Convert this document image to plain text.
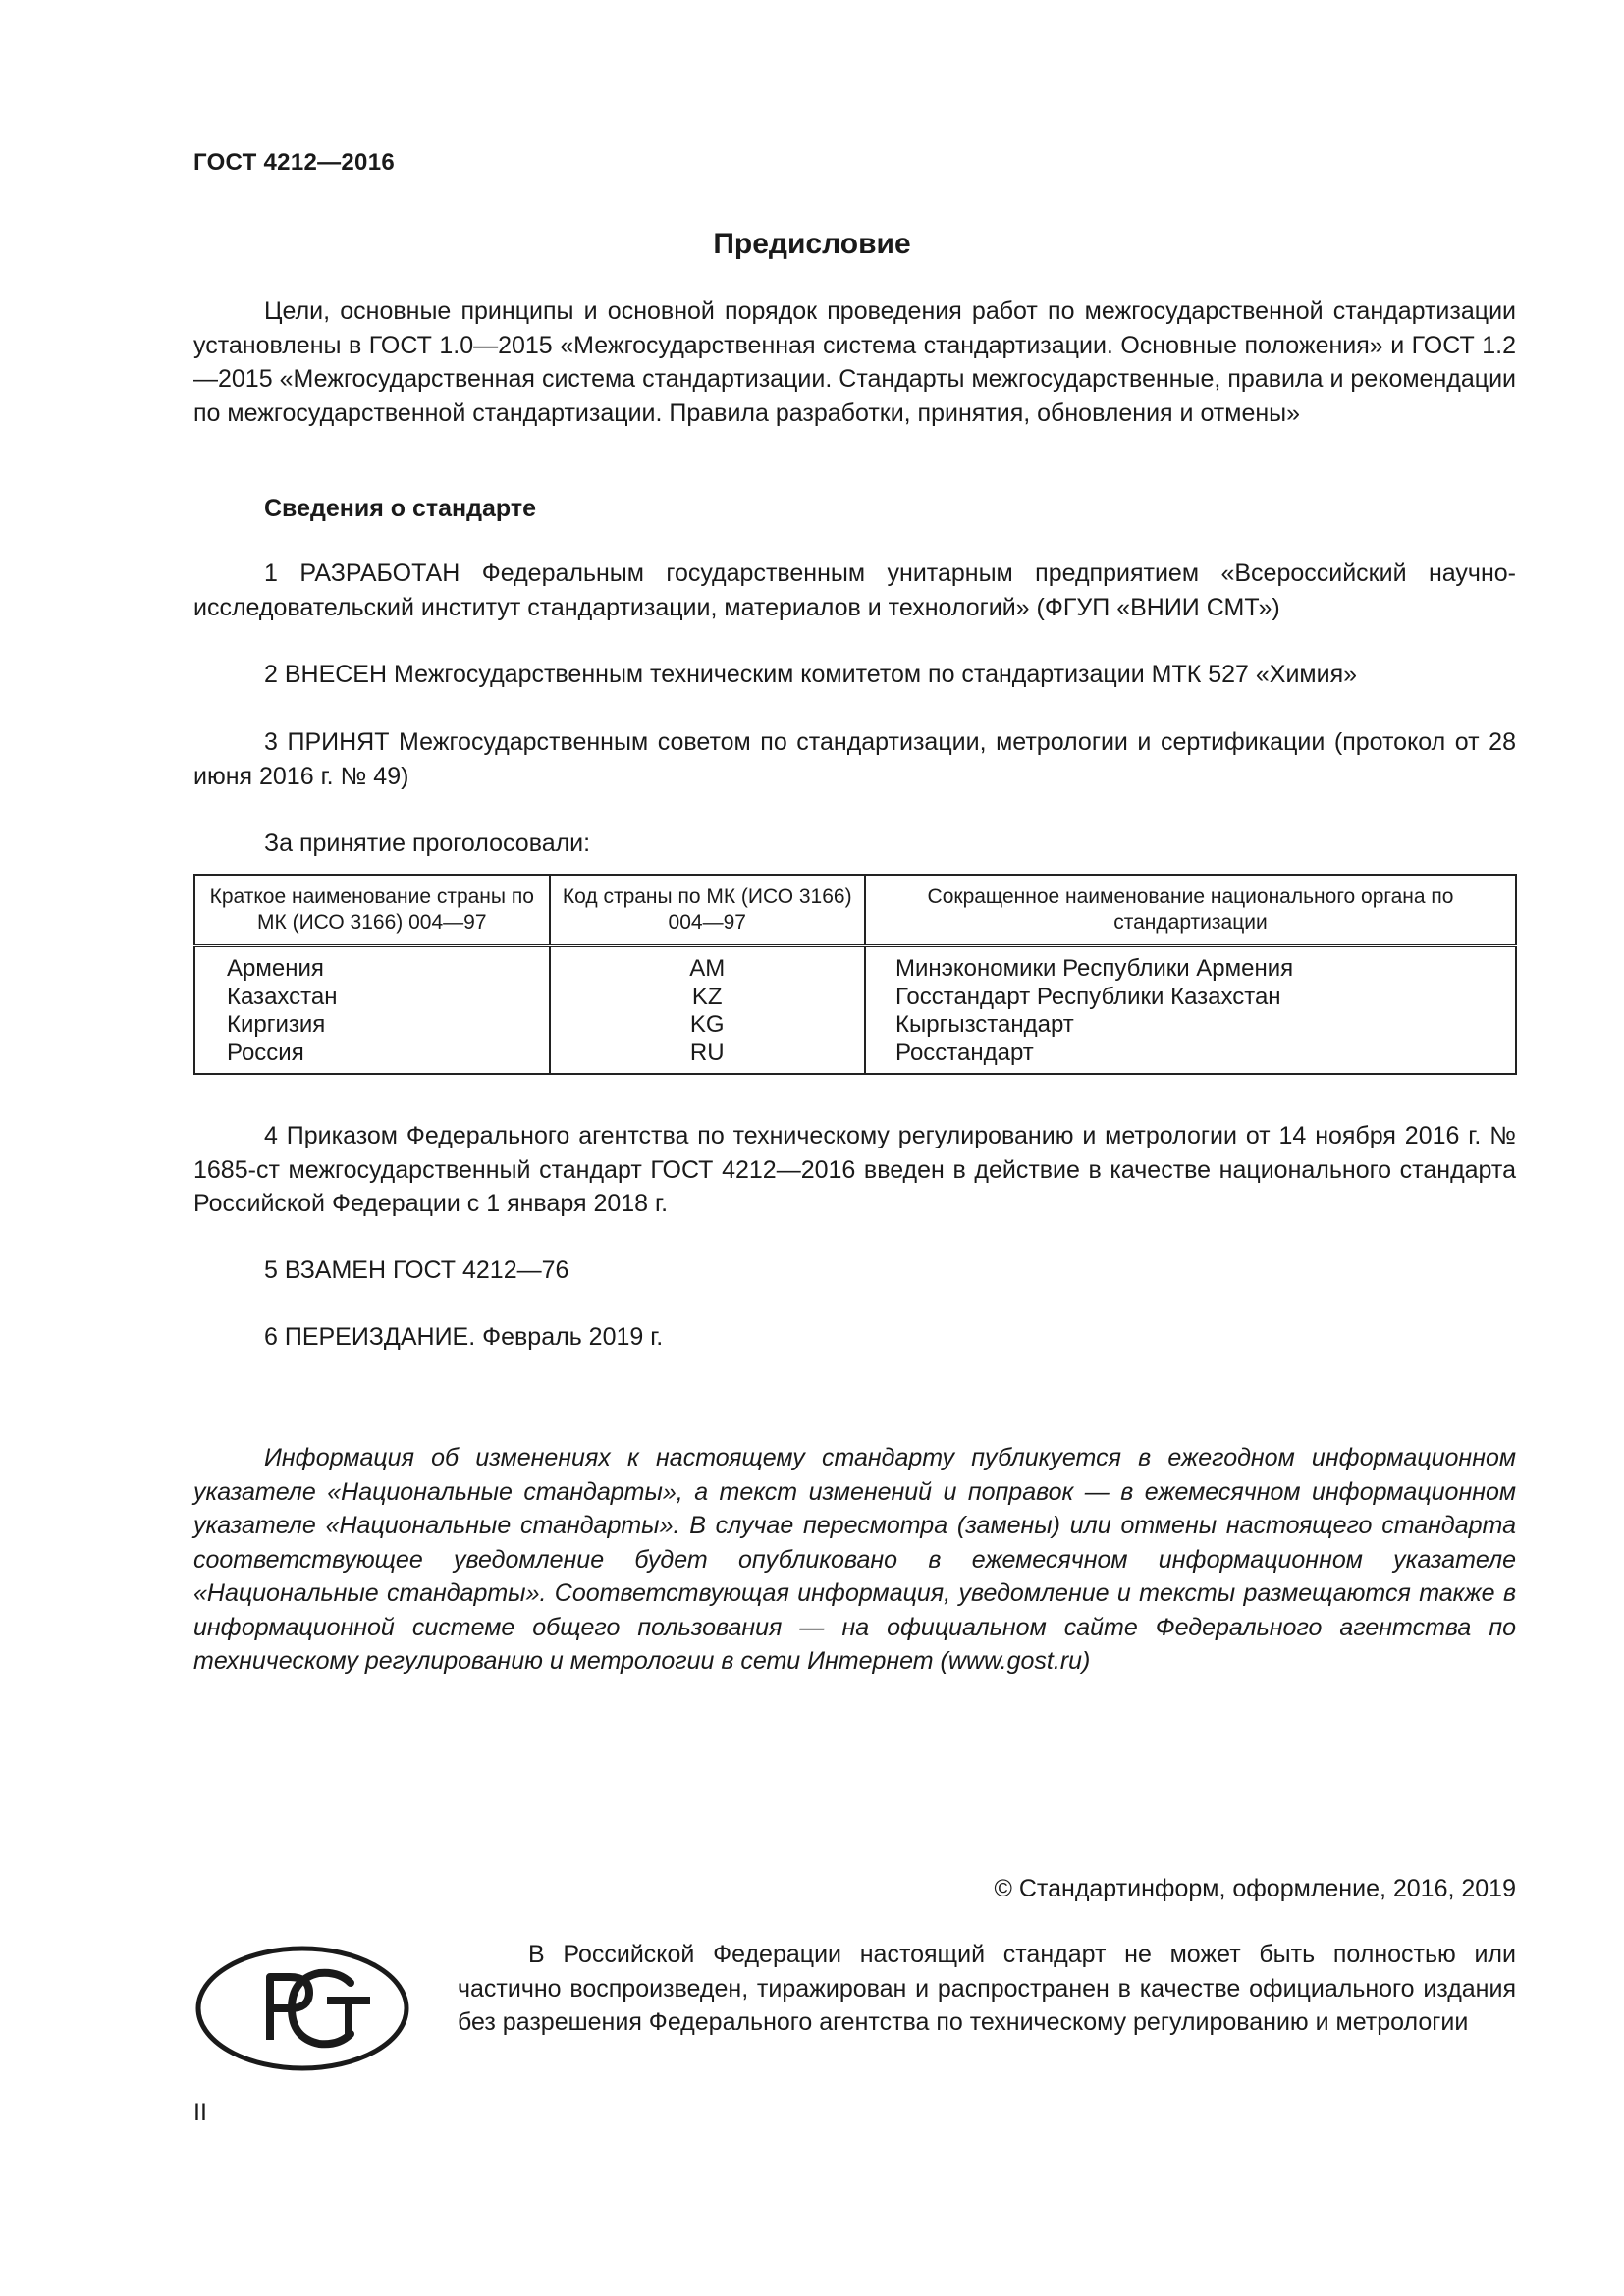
ГОСТ 4212—2016
Предисловие
Цели, основные принципы и основной порядок проведения работ по межгосударственной стандартизации установлены в ГОСТ 1.0—2015 «Межгосударственная система стандартизации. Основные положения» и ГОСТ 1.2—2015 «Межгосударственная система стандартизации. Стандарты межгосударственные, правила и рекомендации по межгосударственной стандартизации. Правила разработки, принятия, обновления и отмены»
Сведения о стандарте
1 РАЗРАБОТАН Федеральным государственным унитарным предприятием «Всероссийский научно-исследовательский институт стандартизации, материалов и технологий» (ФГУП «ВНИИ СМТ»)
2 ВНЕСЕН Межгосударственным техническим комитетом по стандартизации МТК 527 «Химия»
3 ПРИНЯТ Межгосударственным советом по стандартизации, метрологии и сертификации (протокол от 28 июня 2016 г. № 49)
За принятие проголосовали:
Краткое наименование страны по МК (ИСО 3166) 004—97	Код страны по МК (ИСО 3166) 004—97	Сокращенное наименование национального органа по стандартизации
Армения	AM	Минэкономики Республики Армения
Казахстан	KZ	Госстандарт Республики Казахстан
Киргизия	KG	Кыргызстандарт
Россия	RU	Росстандарт
4 Приказом Федерального агентства по техническому регулированию и метрологии от 14 ноября 2016 г. № 1685-ст межгосударственный стандарт ГОСТ 4212—2016 введен в действие в качестве национального стандарта Российской Федерации с 1 января 2018 г.
5 ВЗАМЕН ГОСТ 4212—76
6 ПЕРЕИЗДАНИЕ. Февраль 2019 г.
Информация об изменениях к настоящему стандарту публикуется в ежегодном информационном указателе «Национальные стандарты», а текст изменений и поправок — в ежемесячном информационном указателе «Национальные стандарты». В случае пересмотра (замены) или отмены настоящего стандарта соответствующее уведомление будет опубликовано в ежемесячном информационном указателе «Национальные стандарты». Соответствующая информация, уведомление и тексты размещаются также в информационной системе общего пользования — на официальном сайте Федерального агентства по техническому регулированию и метрологии в сети Интернет (www.gost.ru)
© Стандартинформ, оформление, 2016, 2019
В Российской Федерации настоящий стандарт не может быть полностью или частично воспроизведен, тиражирован и распространен в качестве официального издания без разрешения Федерального агентства по техническому регулированию и метрологии
II
